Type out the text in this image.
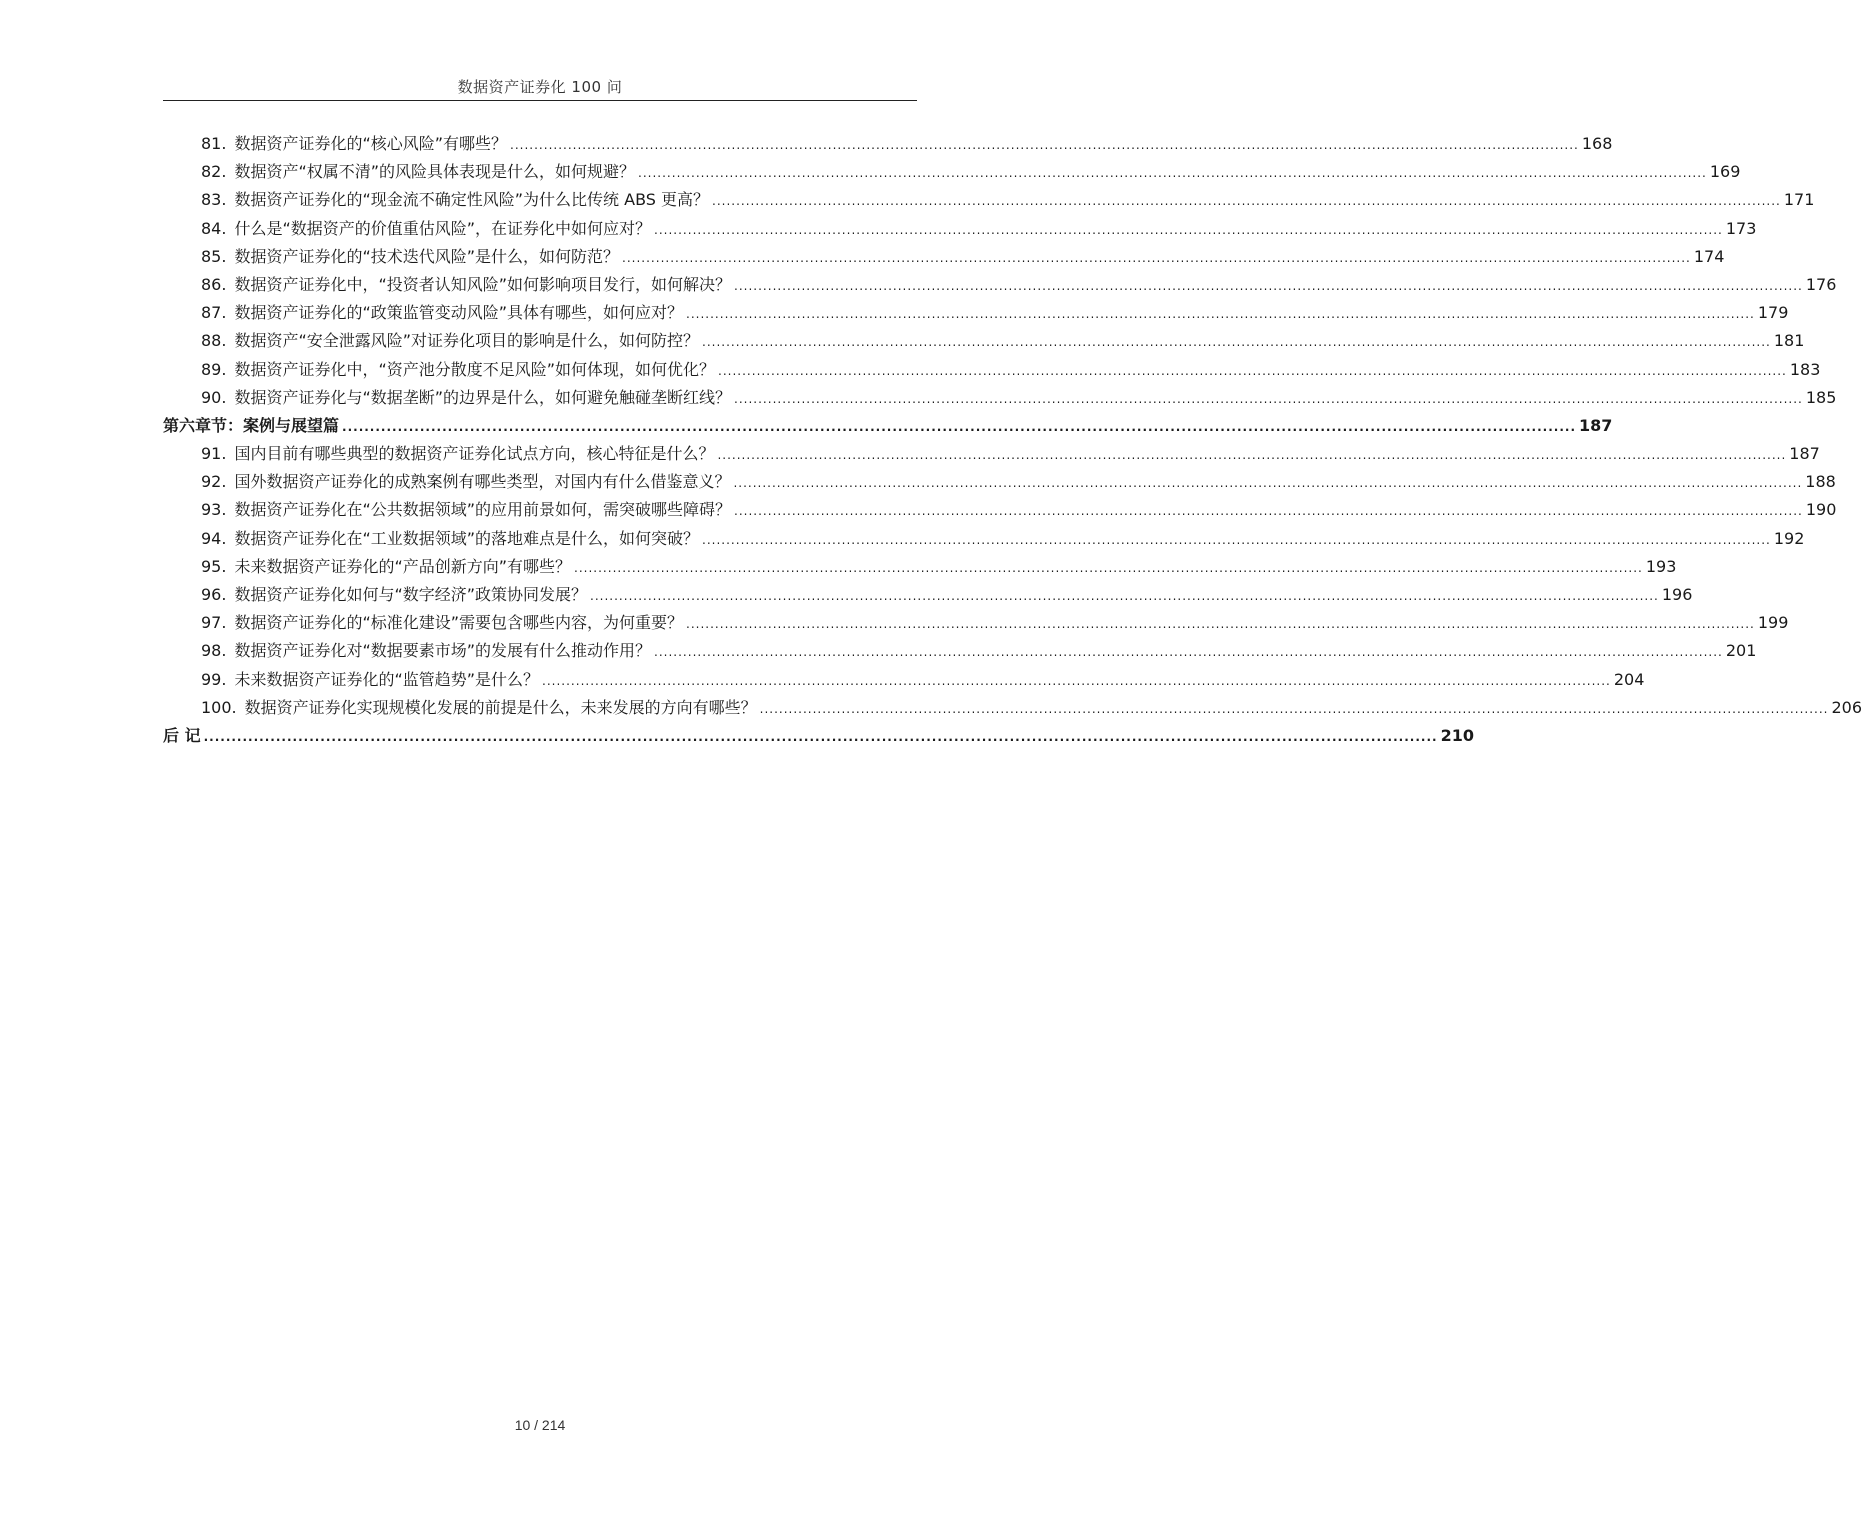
数据资产证券化 100 问
81. 数据资产证券化的“核心风险”有哪些？ .....	168
82. 数据资产“权属不清”的风险具体表现是什么，如何规避？ .....	169
83. 数据资产证券化的“现金流不确定性风险”为什么比传统 ABS 更高？ .....	171
84. 什么是“数据资产的价值重估风险”，在证券化中如何应对？ .....	173
85. 数据资产证券化的“技术迭代风险”是什么，如何防范？ .....	174
86. 数据资产证券化中，“投资者认知风险”如何影响项目发行，如何解决？ .....	176
87. 数据资产证券化的“政策监管变动风险”具体有哪些，如何应对？ .....	179
88. 数据资产“安全泄露风险”对证券化项目的影响是什么，如何防控？ .....	181
89. 数据资产证券化中，“资产池分散度不足风险”如何体现，如何优化？ .....	183
90. 数据资产证券化与“数据垄断”的边界是什么，如何避免触碰垄断红线？ .....	185
第六章节：案例与展望篇 .....	187
91. 国内目前有哪些典型的数据资产证券化试点方向，核心特征是什么？ .....	187
92. 国外数据资产证券化的成熟案例有哪些类型，对国内有什么借鉴意义？ .....	188
93. 数据资产证券化在“公共数据领域”的应用前景如何，需突破哪些障碍？ .....	190
94. 数据资产证券化在“工业数据领域”的落地难点是什么，如何突破？ .....	192
95. 未来数据资产证券化的“产品创新方向”有哪些？ .....	193
96. 数据资产证券化如何与“数字经济”政策协同发展？ .....	196
97. 数据资产证券化的“标准化建设”需要包含哪些内容，为何重要？ .....	199
98. 数据资产证券化对“数据要素市场”的发展有什么推动作用？ .....	201
99. 未来数据资产证券化的“监管趋势”是什么？ .....	204
100. 数据资产证券化实现规模化发展的前提是什么，未来发展的方向有哪些？ .....	206
后 记 .....	210
10 / 214
